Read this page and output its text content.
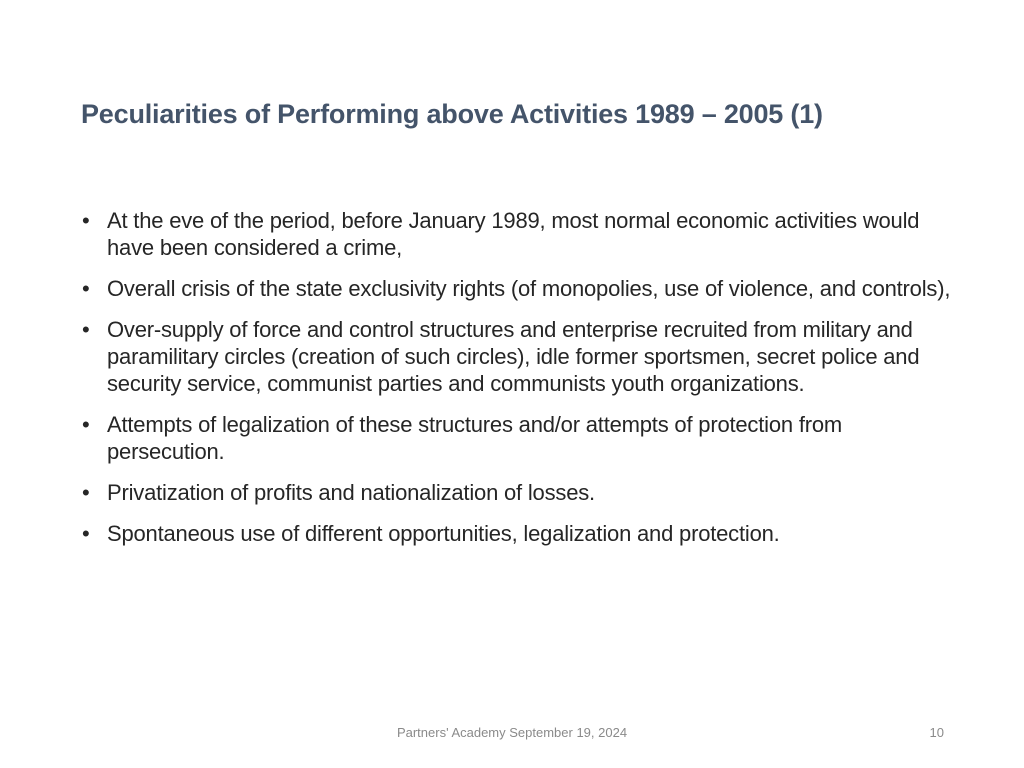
Peculiarities of Performing above Activities 1989 – 2005 (1)
• At the eve of the period, before January 1989, most normal economic activities would have been considered a crime,
• Overall crisis of the state exclusivity rights (of monopolies, use of violence, and controls),
• Over-supply of force and control structures and enterprise recruited from military and paramilitary circles (creation of such circles), idle former sportsmen, secret police and security service, communist parties and communists youth organizations.
• Attempts of legalization of these structures and/or attempts of protection from persecution.
• Privatization of profits and nationalization of losses.
• Spontaneous use of different opportunities, legalization and protection.
Partners' Academy September 19, 2024	10
